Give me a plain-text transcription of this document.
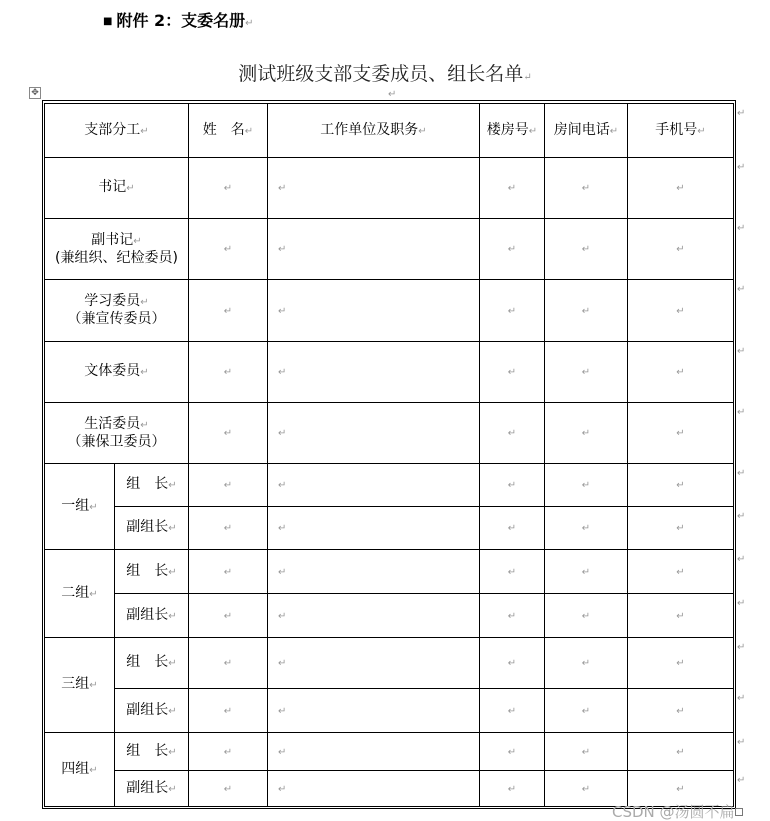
■ 附件 2：支委名册↵
测试班级支部支委成员、组长名单↵
↵
✥
支部分工↵		姓　名↵	工作单位及职务↵	楼房号↵	房间电话↵	手机号↵
书记↵	↵	↵	↵	↵	↵
副书记↵
(兼组织、纪检委员)	↵	↵	↵	↵	↵
学习委员↵
（兼宣传委员）	↵	↵	↵	↵	↵
文体委员↵	↵	↵	↵	↵	↵
生活委员↵
（兼保卫委员）	↵	↵	↵	↵	↵
一组↵	组　长↵	↵	↵	↵	↵	↵
	副组长↵	↵	↵	↵	↵	↵
二组↵	组　长↵	↵	↵	↵	↵	↵
	副组长↵	↵	↵	↵	↵	↵
三组↵	组　长↵	↵	↵	↵	↵	↵
	副组长↵	↵	↵	↵	↵	↵
四组↵	组　长↵	↵	↵	↵	↵	↵
	副组长↵	↵	↵	↵	↵	↵
CSDN @汤圆不扁
↵
↵
↵
↵
↵
↵
↵
↵
↵
↵
↵
↵
↵
↵
